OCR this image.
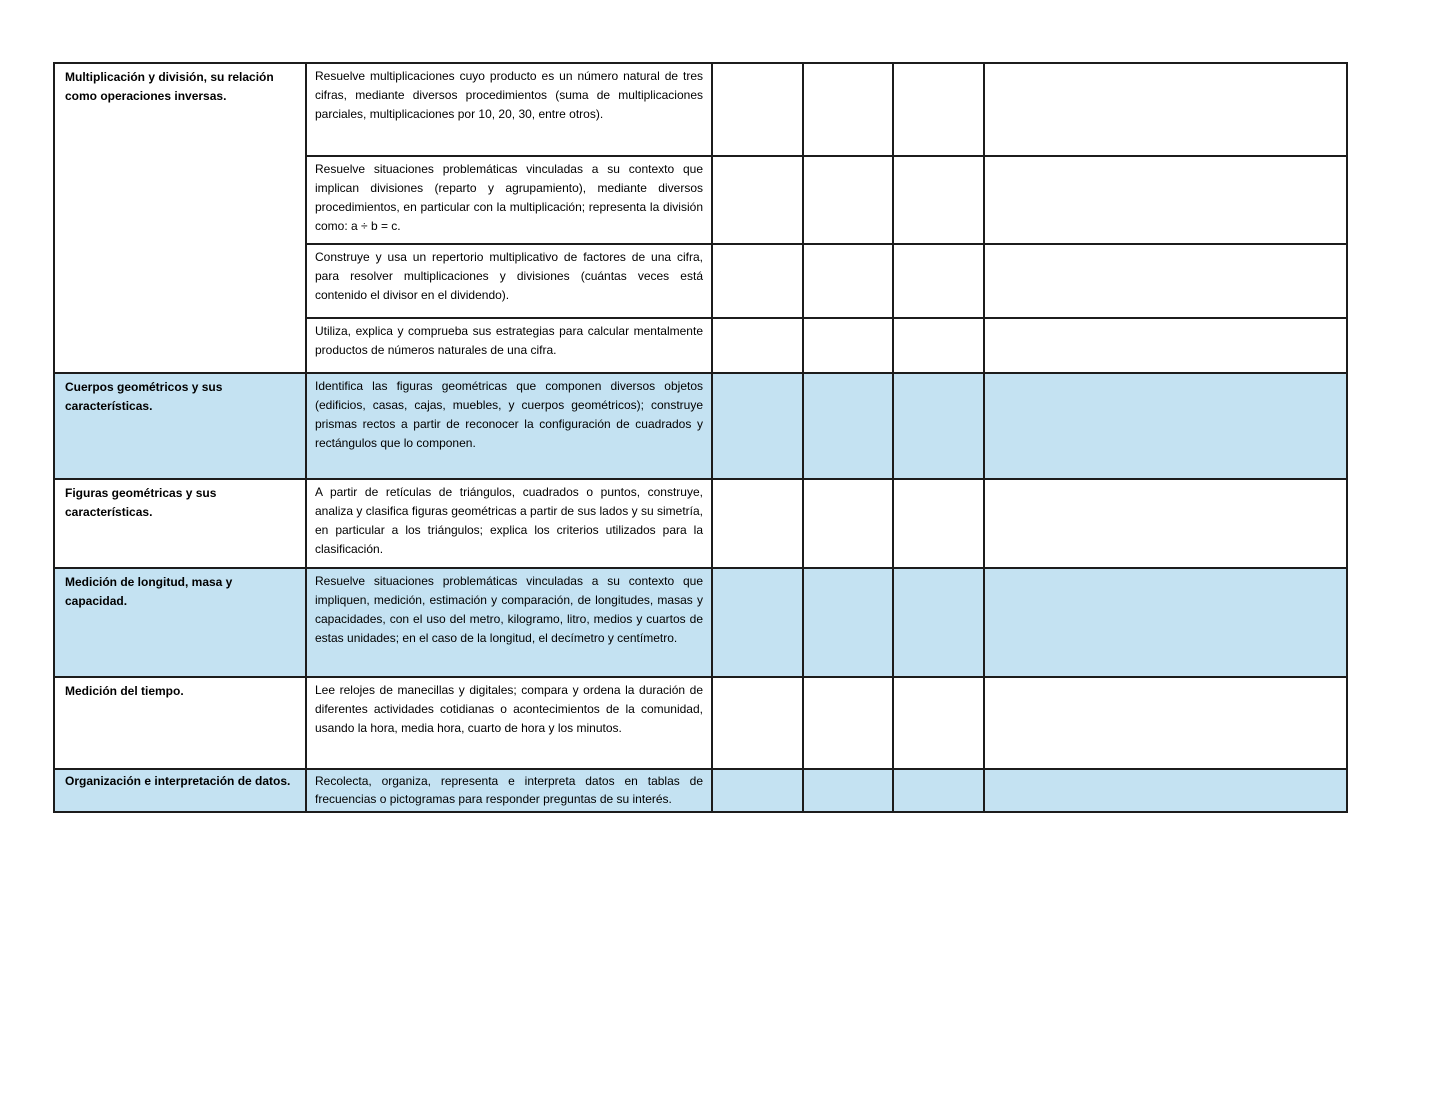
Multiplicación y división, su relación como operaciones inversas.	Resuelve multiplicaciones cuyo producto es un número natural de tres cifras, mediante diversos procedimientos (suma de multiplicaciones parciales, multiplicaciones por 10, 20, 30, entre otros).				
	Resuelve situaciones problemáticas vinculadas a su contexto que implican divisiones (reparto y agrupamiento), mediante diversos procedimientos, en particular con la multiplicación; representa la división como: a ÷ b = c.				
	Construye y usa un repertorio multiplicativo de factores de una cifra, para resolver multiplicaciones y divisiones (cuántas veces está contenido el divisor en el dividendo).				
	Utiliza, explica y comprueba sus estrategias para calcular mentalmente productos de números naturales de una cifra.				
Cuerpos geométricos y sus características.	Identifica las figuras geométricas que componen diversos objetos (edificios, casas, cajas, muebles, y cuerpos geométricos); construye prismas rectos a partir de reconocer la configuración de cuadrados y rectángulos que lo componen.				
Figuras geométricas y sus características.	A partir de retículas de triángulos, cuadrados o puntos, construye, analiza y clasifica figuras geométricas a partir de sus lados y su simetría, en particular a los triángulos; explica los criterios utilizados para la clasificación.				
Medición de longitud, masa y capacidad.	Resuelve situaciones problemáticas vinculadas a su contexto que impliquen, medición, estimación y comparación, de longitudes, masas y capacidades, con el uso del metro, kilogramo, litro, medios y cuartos de estas unidades; en el caso de la longitud, el decímetro y centímetro.				
Medición del tiempo.	Lee relojes de manecillas y digitales; compara y ordena la duración de diferentes actividades cotidianas o acontecimientos de la comunidad, usando la hora, media hora, cuarto de hora y los minutos.				
Organización e interpretación de datos.	Recolecta, organiza, representa e interpreta datos en tablas de frecuencias o pictogramas para responder preguntas de su interés.				
